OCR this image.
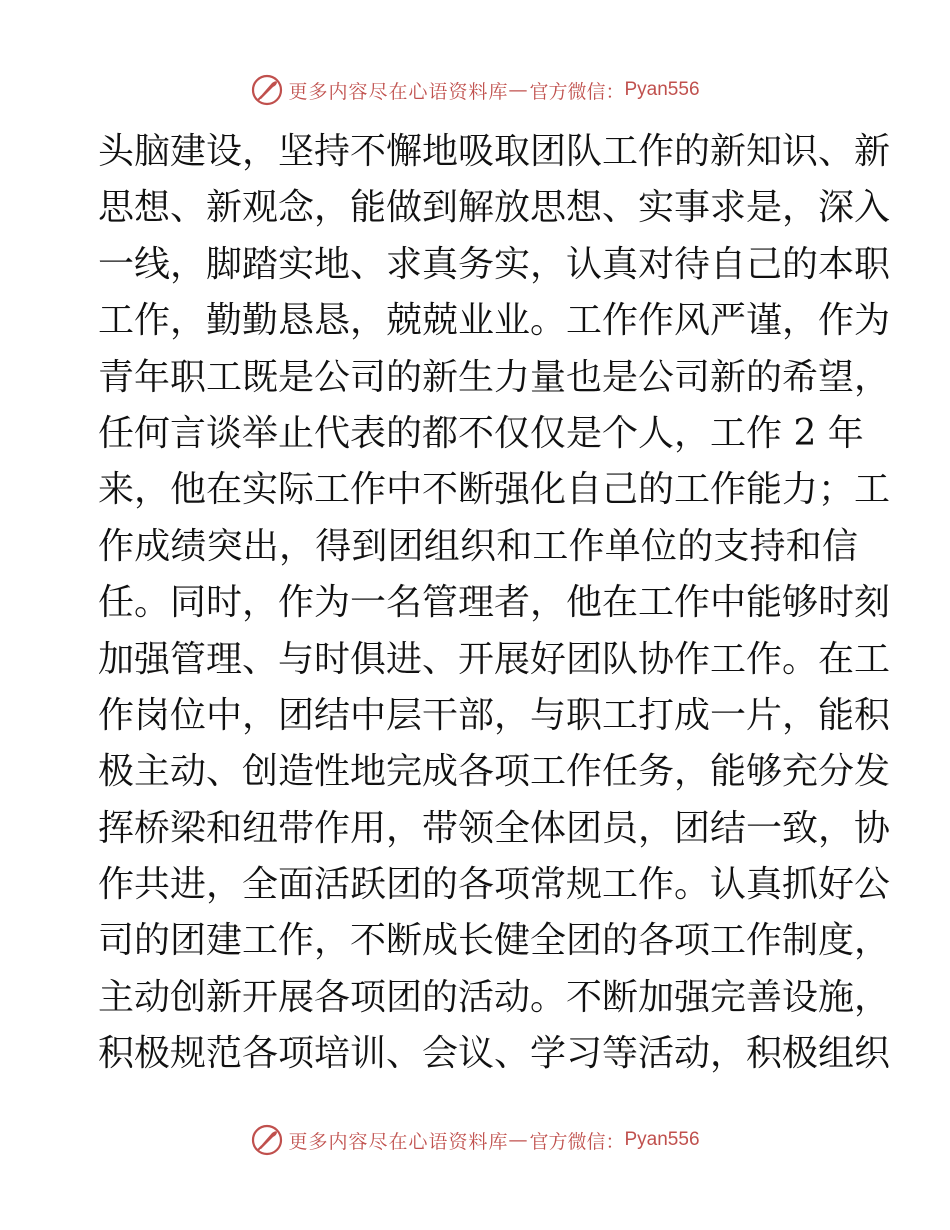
更多内容尽在心语资料库 — 官方微信： Pyan556
头脑建设，坚持不懈地吸取团队工作的新知识、新
思想、新观念，能做到解放思想、实事求是，深入
一线，脚踏实地、求真务实，认真对待自己的本职
工作，勤勤恳恳，兢兢业业。工作作风严谨，作为
青年职工既是公司的新生力量也是公司新的希望，
任何言谈举止代表的都不仅仅是个人，工作 2 年
来，他在实际工作中不断强化自己的工作能力；工
作成绩突出，得到团组织和工作单位的支持和信
任。同时，作为一名管理者，他在工作中能够时刻
加强管理、与时俱进、开展好团队协作工作。在工
作岗位中，团结中层干部，与职工打成一片，能积
极主动、创造性地完成各项工作任务，能够充分发
挥桥梁和纽带作用，带领全体团员，团结一致，协
作共进，全面活跃团的各项常规工作。认真抓好公
司的团建工作，不断成长健全团的各项工作制度，
主动创新开展各项团的活动。不断加强完善设施，
积极规范各项培训、会议、学习等活动，积极组织
更多内容尽在心语资料库 — 官方微信： Pyan556
